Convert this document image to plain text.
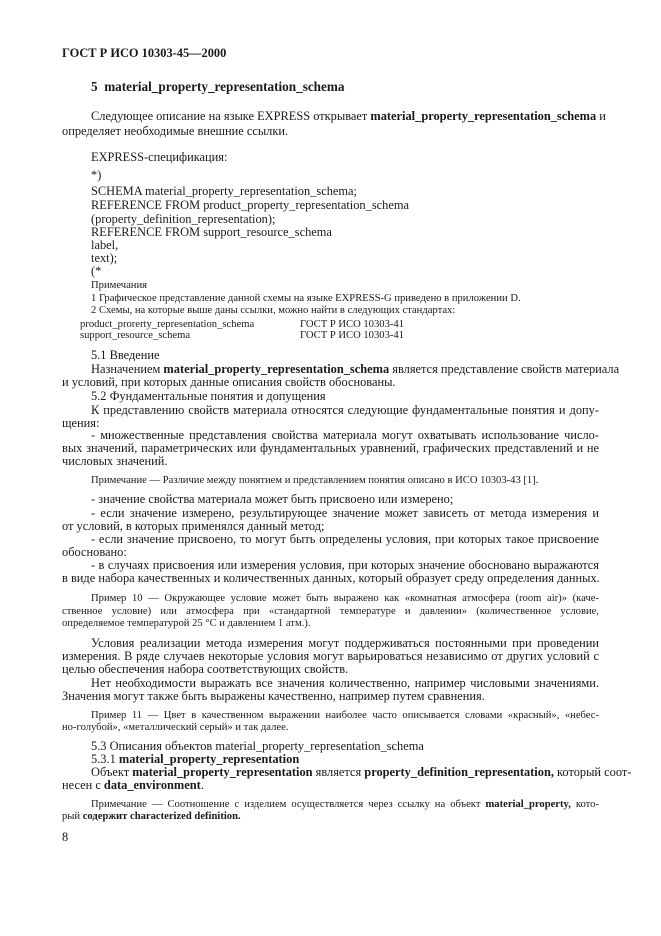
ГОСТ Р ИСО 10303-45—2000
5 material_property_representation_schema
Следующее описание на языке EXPRESS открывает material_property_representation_schema и
определяет необходимые внешние ссылки.
EXPRESS-спецификация:
*)
SCHEMA material_property_representation_schema;
REFERENCE FROM product_property_representation_schema
(property_definition_representation);
REFERENCE FROM support_resource_schema
label,
text);
(*
Примечания
1 Графическое представление данной схемы на языке EXPRESS-G приведено в приложении D.
2 Схемы, на которые выше даны ссылки, можно найти в следующих стандартах:
product_prorerty_representation_schema	ГОСТ Р ИСО 10303-41
support_resource_schema	ГОСТ Р ИСО 10303-41
5.1 Введение
Назначением material_property_representation_schema является представление свойств материала
и условий, при которых данные описания свойств обоснованы.
5.2 Фундаментальные понятия и допущения
К представлению свойств материала относятся следующие фундаментальные понятия и допу-
щения:
- множественные представления свойства материала могут охватывать использование число-
вых значений, параметрических или фундаментальных уравнений, графических представлений и не
числовых значений.
Примечание — Различие между понятием и представлением понятия описано в ИСО 10303-43 [1].
- значение свойства материала может быть присвоено или измерено;
- если значение измерено, результирующее значение может зависеть от метода измерения и
от условий, в которых применялся данный метод;
- если значение присвоено, то могут быть определены условия, при которых такое присвоение
обосновано:
- в случаях присвоения или измерения условия, при которых значение обосновано выражаются
в виде набора качественных и количественных данных, который образует среду определения данных.
Пример 10 — Окружающее условие может быть выражено как «комнатная атмосфера (room air)» (каче-
ственное условие) или атмосфера при «стандартной температуре и давлении» (количественное условие,
определяемое температурой 25 °С и давлением 1 атм.).
Условия реализации метода измерения могут поддерживаться постоянными при проведении
измерения. В ряде случаев некоторые условия могут варьироваться независимо от других условий с
целью обеспечения набора соответствующих свойств.
Нет необходимости выражать все значения количественно, например числовыми значениями.
Значения могут также быть выражены качественно, например путем сравнения.
Пример 11 — Цвет в качественном выражении наиболее часто описывается словами «красный», «небес-
но-голубой», «металлический серый» и так далее.
5.3 Описания объектов material_property_representation_schema
5.3.1 material_property_representation
Объект material_property_representation является property_definition_representation, который соот-
несен с data_environment.
Примечание — Соотношение с изделием осуществляется через ссылку на объект material_property, кото-
рый содержит characterized definition.
8
